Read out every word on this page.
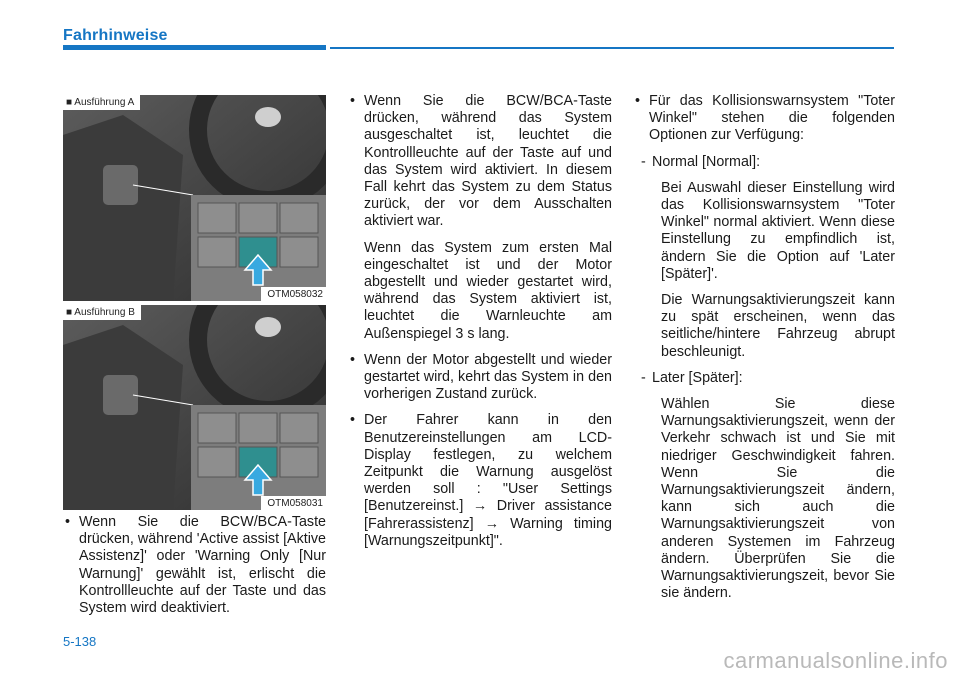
Fahrhinweise
■ Ausführung A
OTM058032
■ Ausführung B
OTM058031

• Wenn Sie die BCW/BCA-Taste drücken, während 'Active assist [Aktive Assistenz]' oder 'Warning Only [Nur Warnung]' gewählt ist, erlischt die Kontrollleuchte auf der Taste und das System wird deaktiviert.

• Wenn Sie die BCW/BCA-Taste drücken, während das System ausgeschaltet ist, leuchtet die Kontrollleuchte auf der Taste auf und das System wird aktiviert. In diesem Fall kehrt das System zu dem Status zurück, der vor dem Ausschalten aktiviert war.

Wenn das System zum ersten Mal eingeschaltet ist und der Motor abgestellt und wieder gestartet wird, während das System aktiviert ist, leuchtet die Warnleuchte am Außenspiegel 3 s lang.

• Wenn der Motor abgestellt und wieder gestartet wird, kehrt das System in den vorherigen Zustand zurück.

• Der Fahrer kann in den Benutzereinstellungen am LCD-Display festlegen, zu welchem Zeitpunkt die Warnung ausgelöst werden soll : "User Settings [Benutzereinst.] → Driver assistance [Fahrerassistenz] → Warning timing [Warnungszeitpunkt]".

• Für das Kollisionswarnsystem "Toter Winkel" stehen die folgenden Optionen zur Verfügung:

- Normal [Normal]:

Bei Auswahl dieser Einstellung wird das Kollisionswarnsystem "Toter Winkel" normal aktiviert. Wenn diese Einstellung zu empfindlich ist, ändern Sie die Option auf 'Later [Später]'.

Die Warnungsaktivierungszeit kann zu spät erscheinen, wenn das seitliche/hintere Fahrzeug abrupt beschleunigt.

- Later [Später]:

Wählen Sie diese Warnungsaktivierungszeit, wenn der Verkehr schwach ist und Sie mit niedriger Geschwindigkeit fahren. Wenn Sie die Warnungsaktivierungszeit ändern, kann sich auch die Warnungsaktivierungszeit von anderen Systemen im Fahrzeug ändern. Überprüfen Sie die Warnungsaktivierungszeit, bevor Sie sie ändern.

5-138
carmanualsonline.info
